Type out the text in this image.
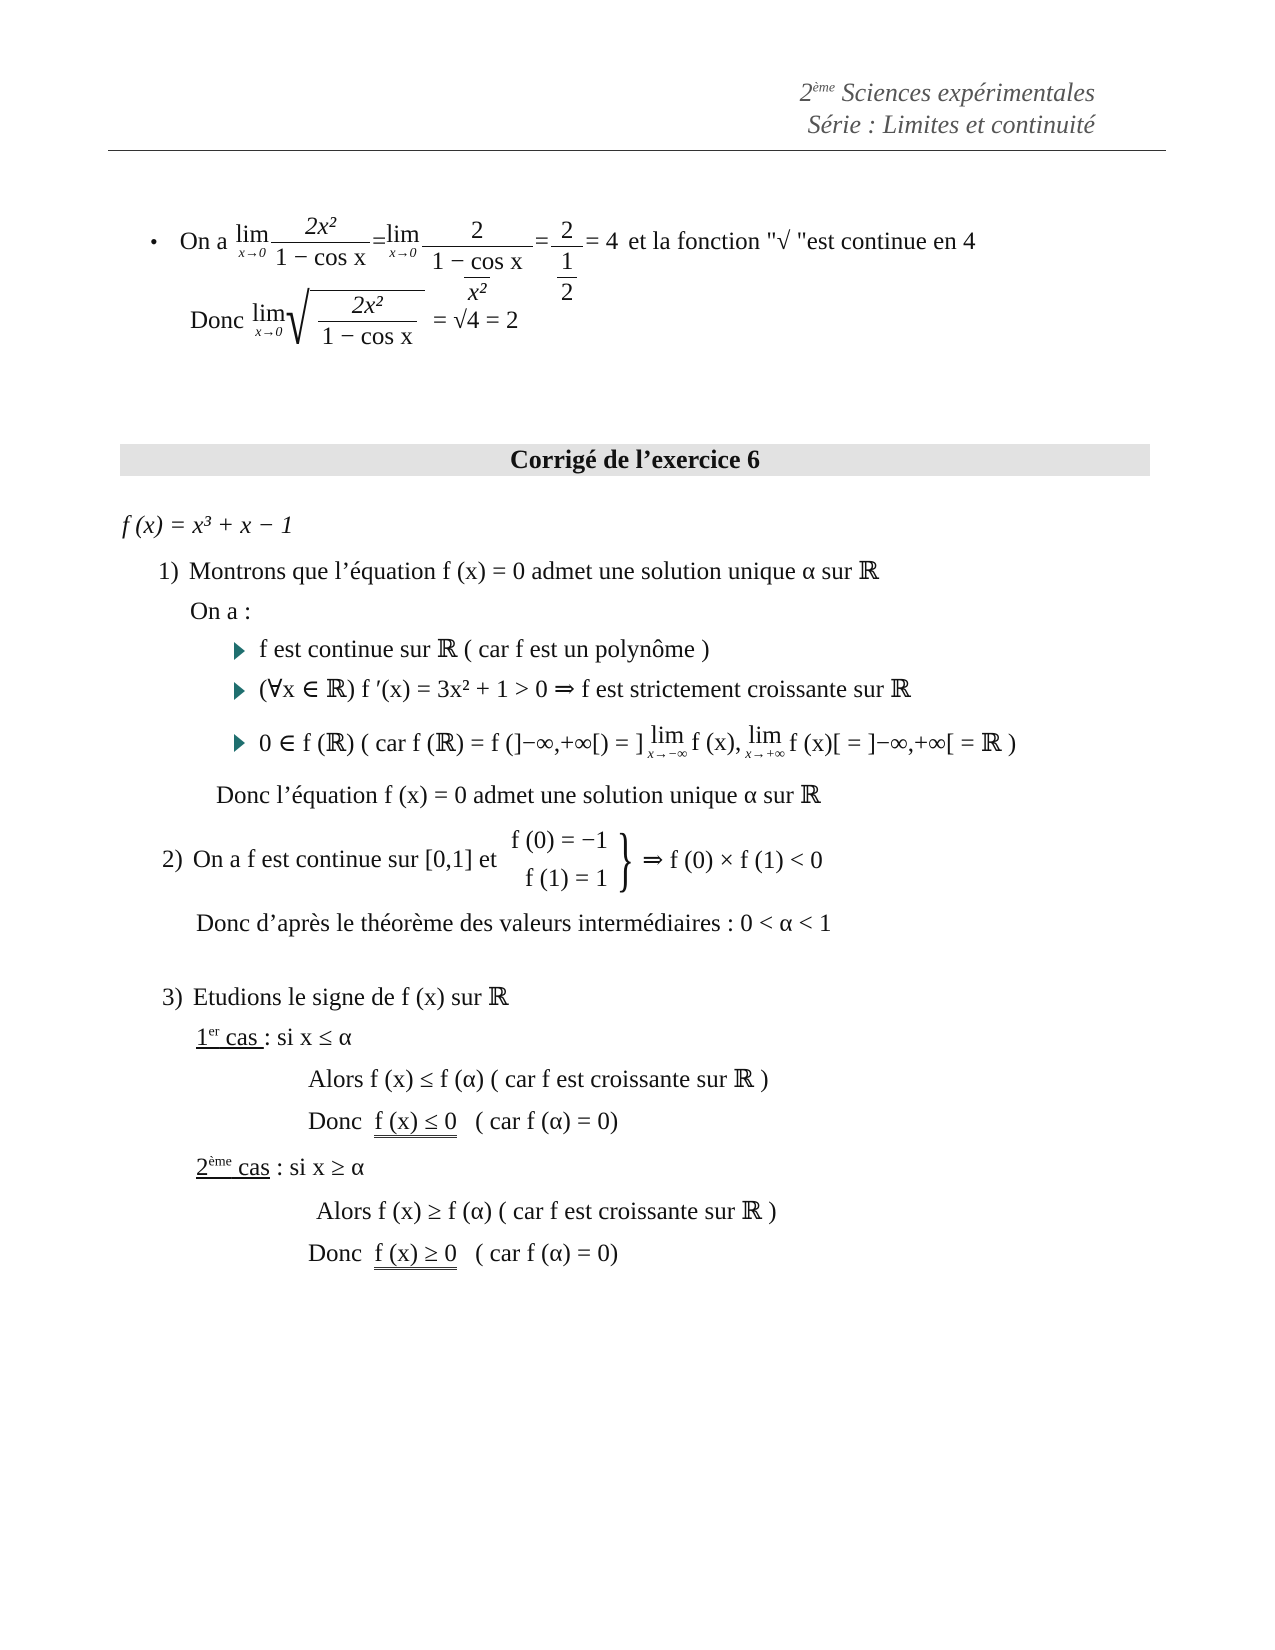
2ème Sciences expérimentales
Série : Limites et continuité
• On a lim
$x\to 0 \frac{\text{2x²}}{\text{1 − cos x}} = \lim$
$x\to 0 \frac{2}{\frac{\text{1 − cos x}}{\text{x²}}} = \frac{2}{\frac{1}{2}} = 4$ et la fonction "√ "est continue en 4
Donc lim
x→0 √ $\frac{\text{2x²}}{\text{1 − cos x}} = √4 = 2$
Corrigé de l’exercice 6
f (x) = x³ + x − 1
1) Montrons que l’équation f (x) = 0 admet une solution unique α sur ℝ
On a :
f est continue sur ℝ ( car f est un polynôme )
(∀x ∈ ℝ) f ′(x) = 3x² + 1 > 0 ⇒ f est strictement croissante sur ℝ
0 ∈ f (ℝ) ( car f (ℝ) = f (]−∞,+∞[) = ] lim
x→−∞ f (x), lim
x→+∞ f (x)[ = ]−∞,+∞[ = ℝ )
Donc l’équation f (x) = 0 admet une solution unique α sur ℝ
2) On a f est continue sur [0,1] et
f (0) = −1
f (1) = 1 } ⇒ f (0) × f (1) < 0
Donc d’après le théorème des valeurs intermédiaires : 0 < α < 1
3) Etudions le signe de f (x) sur ℝ
1er cas : si x ≤ α
Alors f (x) ≤ f (α) ( car f est croissante sur ℝ )
Donc f (x) ≤ 0 ( car f (α) = 0)
2ème cas : si x ≥ α
Alors f (x) ≥ f (α) ( car f est croissante sur ℝ )
Donc f (x) ≥ 0 ( car f (α) = 0)
